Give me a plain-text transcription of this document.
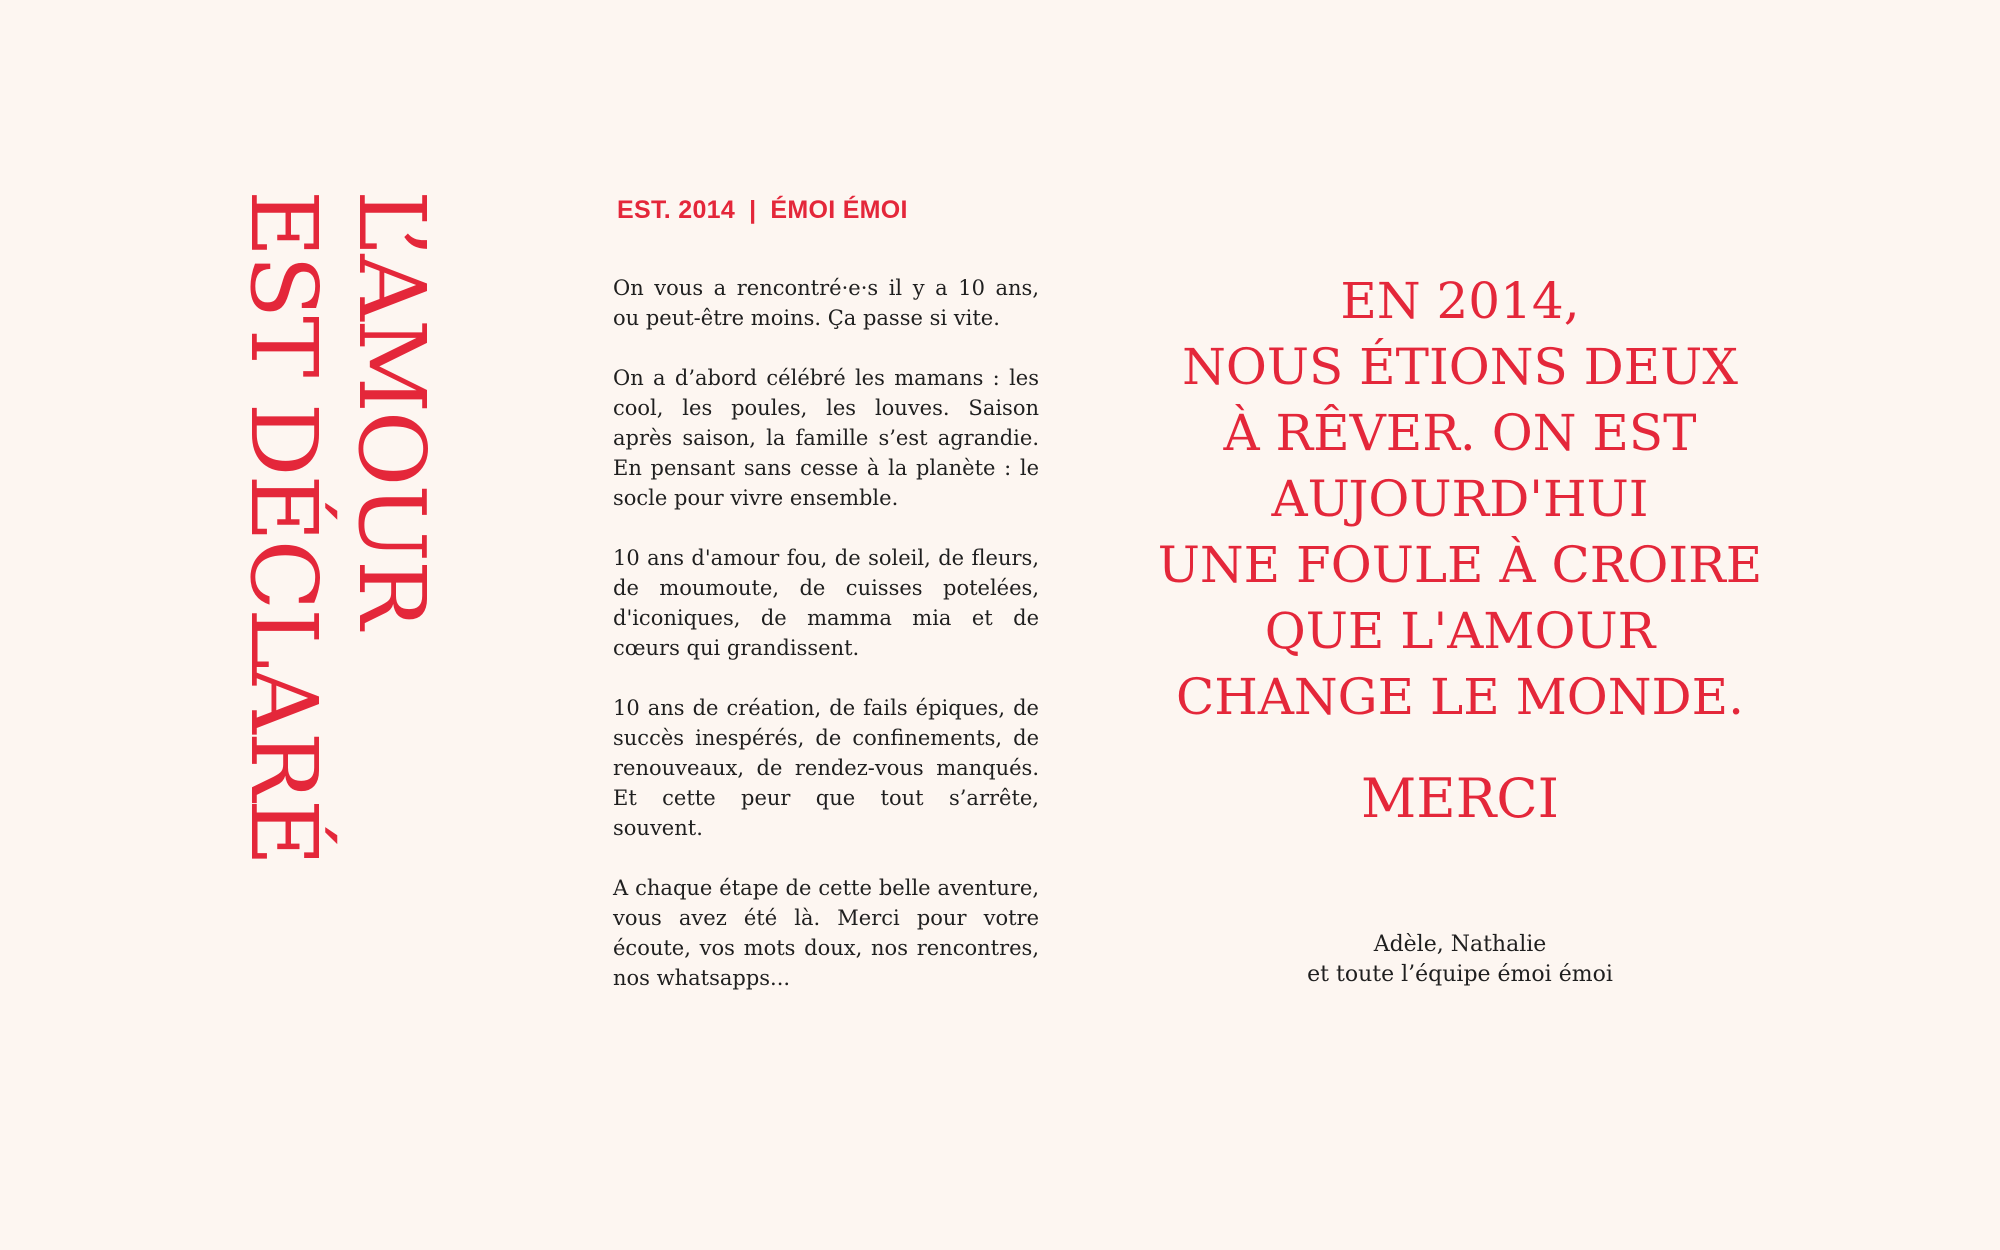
L’AMOUR
EST DÉCLARÉ	EST. 2014 | ÉMOI ÉMOI

On vous a rencontré·e·s il y a 10 ans, ou peut-être moins. Ça passe si vite.

On a d’abord célébré les mamans : les cool, les poules, les louves. Saison après saison, la famille s’est agrandie. En pensant sans cesse à la planète : le socle pour vivre ensemble.

10 ans d'amour fou, de soleil, de fleurs, de moumoute, de cuisses potelées, d'iconiques, de mamma mia et de cœurs qui grandissent.

10 ans de création, de fails épiques, de succès inespérés, de confinements, de renouveaux, de rendez-vous manqués. Et cette peur que tout s’arrête, souvent.

A chaque étape de cette belle aventure, vous avez été là. Merci pour votre écoute, vos mots doux, nos rencontres, nos whatsapps...

EN 2014,
NOUS ÉTIONS DEUX
À RÊVER. ON EST
AUJOURD'HUI
UNE FOULE À CROIRE
QUE L'AMOUR
CHANGE LE MONDE.
MERCI
Adèle, Nathalie
et toute l’équipe émoi émoi
